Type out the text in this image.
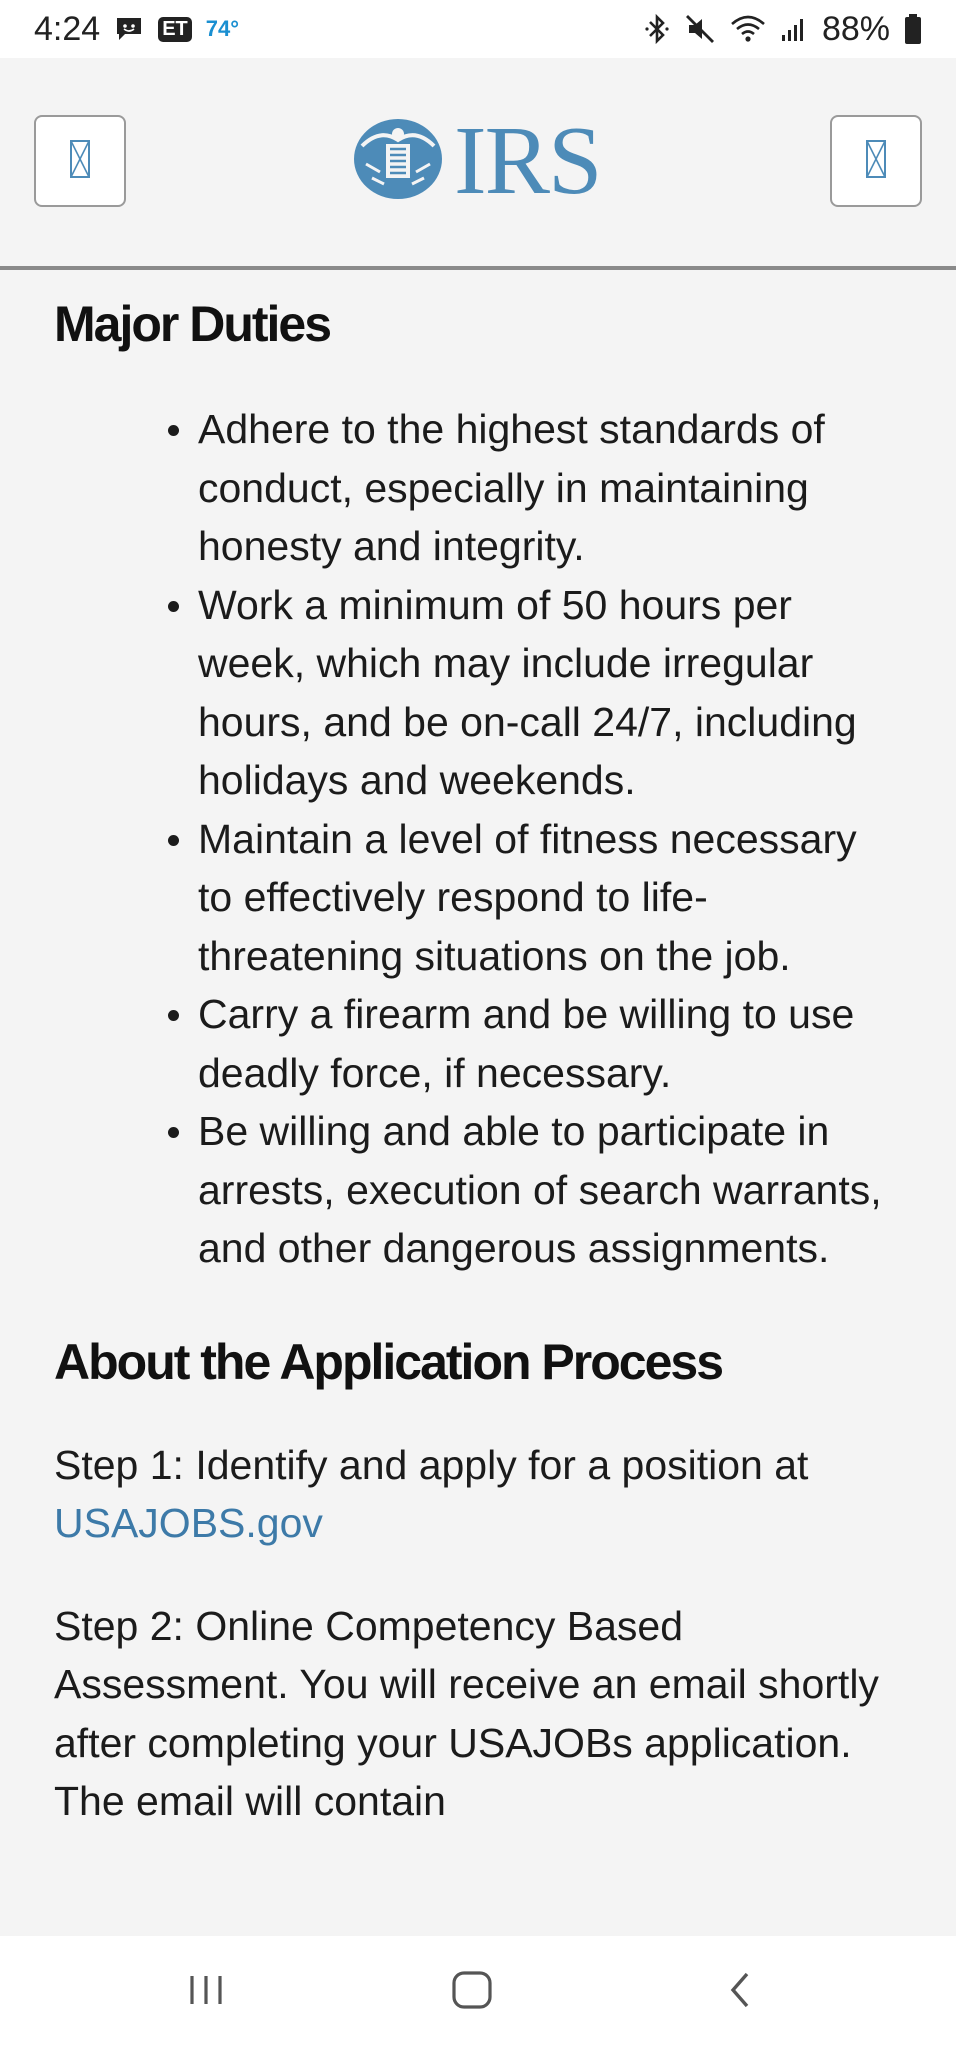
4:24	ET 74°	88%
IRS
Major Duties
Adhere to the highest standards of conduct, especially in maintaining honesty and integrity.
Work a minimum of 50 hours per week, which may include irregular hours, and be on-call 24/7, including holidays and weekends.
Maintain a level of fitness necessary to effectively respond to life-threatening situations on the job.
Carry a firearm and be willing to use deadly force, if necessary.
Be willing and able to participate in arrests, execution of search warrants, and other dangerous assignments.
About the Application Process

Step 1: Identify and apply for a position at USAJOBS.gov

Step 2: Online Competency Based Assessment. You will receive an email shortly after completing your USAJOBs application. The email will contain
